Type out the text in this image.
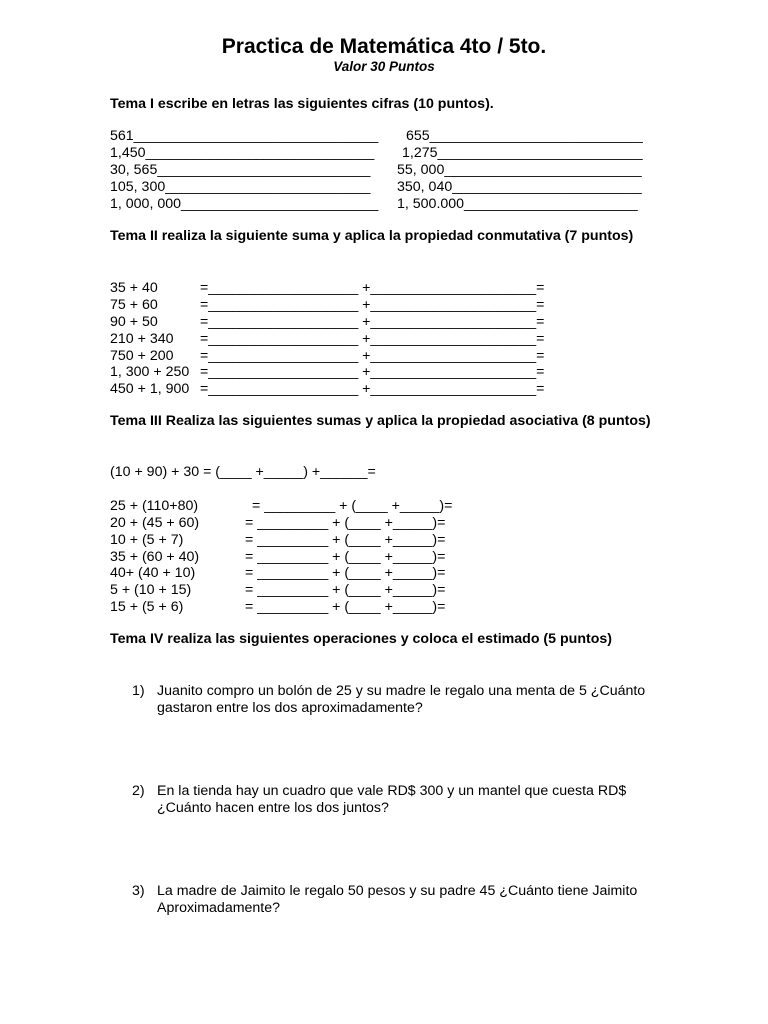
Practica de Matemática 4to / 5to.
Valor 30 Puntos
Tema I escribe en letras las siguientes cifras (10 puntos).
561_______________________________
1,450_____________________________
30, 565___________________________
105, 300__________________________
1, 000, 000_________________________
655___________________________
1,275__________________________
55, 000_________________________
350, 040________________________
1, 500.000______________________
Tema II realiza la siguiente suma y aplica la propiedad conmutativa (7 puntos)
35 + 40
75 + 60
90 + 50
210 + 340
750 + 200
1, 300 + 250
450 + 1, 900
=___________________ +_____________________=
=___________________ +_____________________=
=___________________ +_____________________=
=___________________ +_____________________=
=___________________ +_____________________=
=___________________ +_____________________=
=___________________ +_____________________=
Tema III Realiza las siguientes sumas y aplica la propiedad asociativa (8 puntos)
(10 + 90) + 30 = (____ +_____) +______=
25 + (110+80)
20 + (45 + 60)
10 + (5 + 7)
35 + (60 + 40)
40+ (40 + 10)
5 + (10 + 15)
15 + (5 + 6)
= _________ + (____ +_____)=
= _________ + (____ +_____)=
= _________ + (____ +_____)=
= _________ + (____ +_____)=
= _________ + (____ +_____)=
= _________ + (____ +_____)=
= _________ + (____ +_____)=
Tema IV realiza las siguientes operaciones y coloca el estimado (5 puntos)
1) Juanito compro un bolón de 25 y su madre le regalo una menta de 5 ¿Cuánto gastaron entre los dos aproximadamente?
2) En la tienda hay un cuadro que vale RD$ 300 y un mantel que cuesta RD$ ¿Cuánto hacen entre los dos juntos?
3) La madre de Jaimito le regalo 50 pesos y su padre 45 ¿Cuánto tiene Jaimito Aproximadamente?
